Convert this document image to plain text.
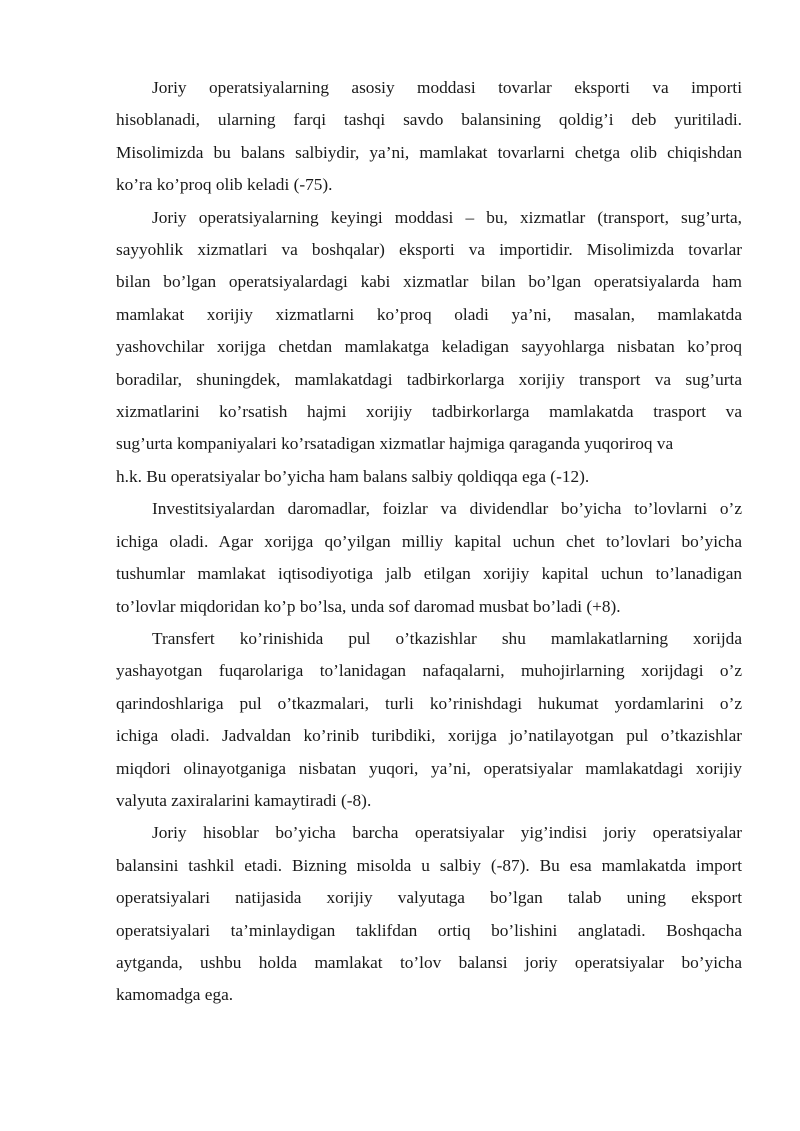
Joriy operatsiyalarning asosiy moddasi tovarlar eksporti va importi
hisoblanadi, ularning farqi tashqi savdo balansining qoldig’i deb yuritiladi.
Misolimizda bu balans salbiydir, ya’ni, mamlakat tovarlarni chetga olib chiqishdan
ko’ra ko’proq olib keladi (-75).

Joriy operatsiyalarning keyingi moddasi – bu, xizmatlar (transport, sug’urta,
sayyohlik xizmatlari va boshqalar) eksporti va importidir. Misolimizda tovarlar
bilan bo’lgan operatsiyalardagi kabi xizmatlar bilan bo’lgan operatsiyalarda ham
mamlakat xorijiy xizmatlarni ko’proq oladi ya’ni, masalan, mamlakatda
yashovchilar xorijga chetdan mamlakatga keladigan sayyohlarga nisbatan ko’proq
boradilar, shuningdek, mamlakatdagi tadbirkorlarga xorijiy transport va sug’urta
xizmatlarini ko’rsatish hajmi xorijiy tadbirkorlarga mamlakatda trasport va
sug’urta kompaniyalari ko’rsatadigan xizmatlar hajmiga qaraganda yuqoriroq va
h.k. Bu operatsiyalar bo’yicha ham balans salbiy qoldiqqa ega (-12).

Investitsiyalardan daromadlar, foizlar va dividendlar bo’yicha to’lovlarni o’z
ichiga oladi. Agar xorijga qo’yilgan milliy kapital uchun chet to’lovlari bo’yicha
tushumlar mamlakat iqtisodiyotiga jalb etilgan xorijiy kapital uchun to’lanadigan
to’lovlar miqdoridan ko’p bo’lsa, unda sof daromad musbat bo’ladi (+8).

Transfert ko’rinishida pul o’tkazishlar shu mamlakatlarning xorijda
yashayotgan fuqarolariga to’lanidagan nafaqalarni, muhojirlarning xorijdagi o’z
qarindoshlariga pul o’tkazmalari, turli ko’rinishdagi hukumat yordamlarini o’z
ichiga oladi. Jadvaldan ko’rinib turibdiki, xorijga jo’natilayotgan pul o’tkazishlar
miqdori olinayotganiga nisbatan yuqori, ya’ni, operatsiyalar mamlakatdagi xorijiy
valyuta zaxiralarini kamaytiradi (-8).

Joriy hisoblar bo’yicha barcha operatsiyalar yig’indisi joriy operatsiyalar
balansini tashkil etadi. Bizning misolda u salbiy (-87). Bu esa mamlakatda import
operatsiyalari natijasida xorijiy valyutaga bo’lgan talab uning eksport
operatsiyalari ta’minlaydigan taklifdan ortiq bo’lishini anglatadi. Boshqacha
aytganda, ushbu holda mamlakat to’lov balansi joriy operatsiyalar bo’yicha
kamomadga ega.
